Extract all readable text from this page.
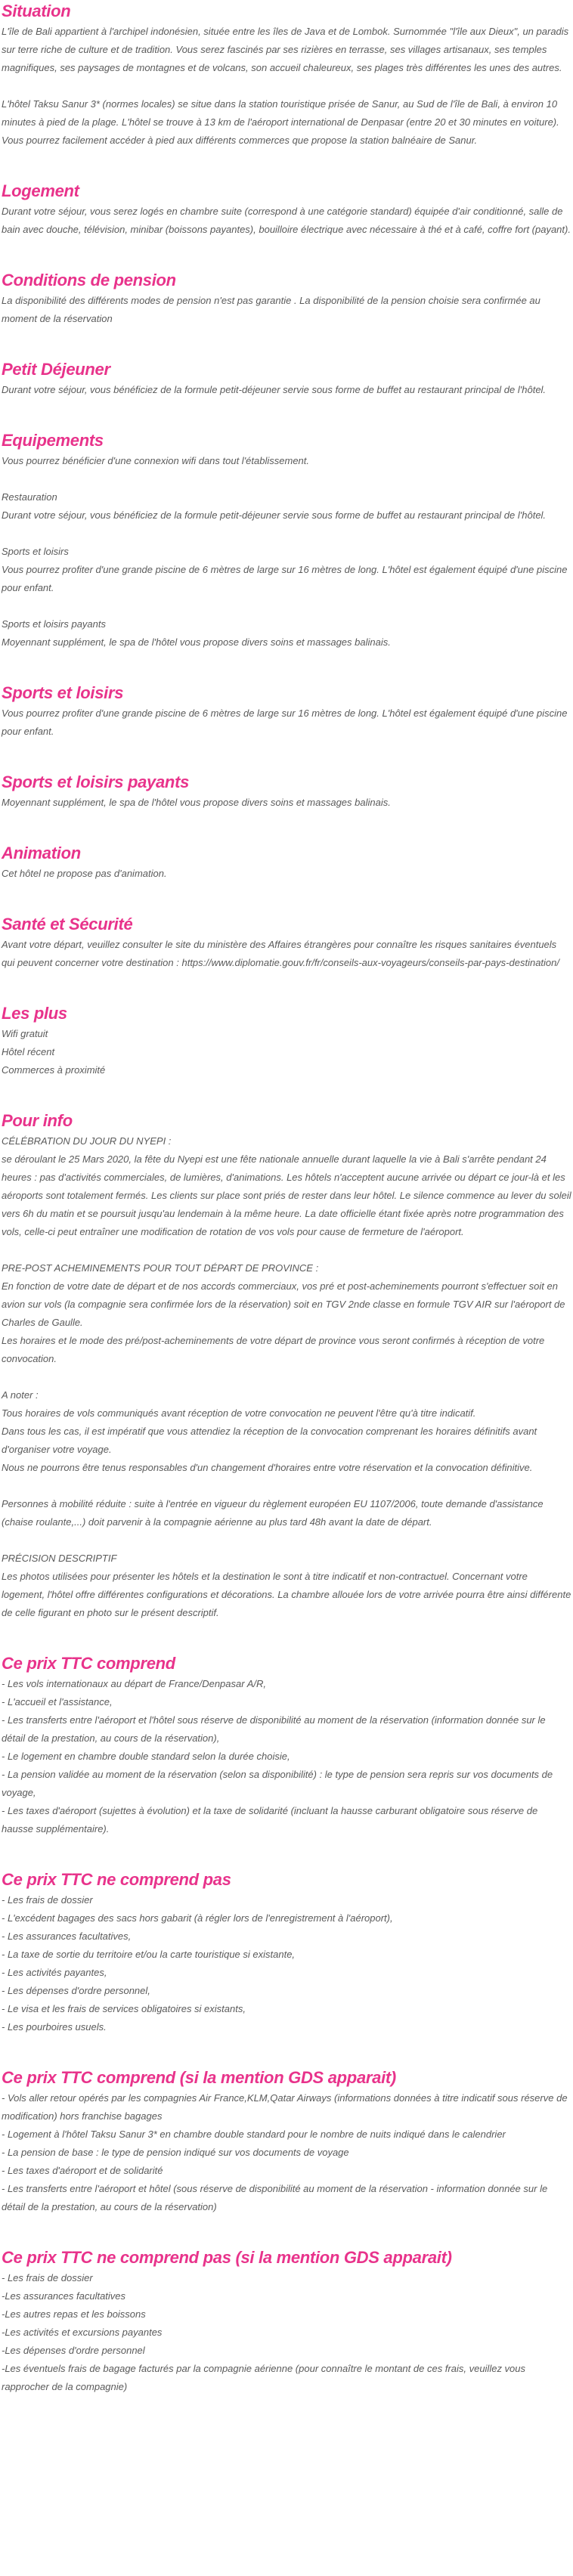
Situation

L'île de Bali appartient à l'archipel indonésien, située entre les îles de Java et de Lombok. Surnommée "l'île aux Dieux", un paradis sur terre riche de culture et de tradition. Vous serez fascinés par ses rizières en terrasse, ses villages artisanaux, ses temples magnifiques, ses paysages de montagnes et de volcans, son accueil chaleureux, ses plages très différentes les unes des autres.

L'hôtel Taksu Sanur 3* (normes locales) se situe dans la station touristique prisée de Sanur, au Sud de l'île de Bali, à environ 10 minutes à pied de la plage. L'hôtel se trouve à 13 km de l'aéroport international de Denpasar (entre 20 et 30 minutes en voiture). Vous pourrez facilement accéder à pied aux différents commerces que propose la station balnéaire de Sanur.

Logement

Durant votre séjour, vous serez logés en chambre suite (correspond à une catégorie standard) équipée d'air conditionné, salle de bain avec douche, télévision, minibar (boissons payantes), bouilloire électrique avec nécessaire à thé et à café, coffre fort (payant).

Conditions de pension

La disponibilité des différents modes de pension n'est pas garantie . La disponibilité de la pension choisie sera confirmée au moment de la réservation

Petit Déjeuner

Durant votre séjour, vous bénéficiez de la formule petit-déjeuner servie sous forme de buffet au restaurant principal de l'hôtel.

Equipements

Vous pourrez bénéficier d'une connexion wifi dans tout l'établissement.

Restauration
Durant votre séjour, vous bénéficiez de la formule petit-déjeuner servie sous forme de buffet au restaurant principal de l'hôtel.

Sports et loisirs
Vous pourrez profiter d'une grande piscine de 6 mètres de large sur 16 mètres de long. L'hôtel est également équipé d'une piscine pour enfant.

Sports et loisirs payants
Moyennant supplément, le spa de l'hôtel vous propose divers soins et massages balinais.

Sports et loisirs

Vous pourrez profiter d'une grande piscine de 6 mètres de large sur 16 mètres de long. L'hôtel est également équipé d'une piscine pour enfant.

Sports et loisirs payants

Moyennant supplément, le spa de l'hôtel vous propose divers soins et massages balinais.

Animation

Cet hôtel ne propose pas d'animation.

Santé et Sécurité

Avant votre départ, veuillez consulter le site du ministère des Affaires étrangères pour connaître les risques sanitaires éventuels qui peuvent concerner votre destination : https://www.diplomatie.gouv.fr/fr/conseils-aux-voyageurs/conseils-par-pays-destination/

Les plus

Wifi gratuit
Hôtel récent
Commerces à proximité

Pour info

CÉLÉBRATION DU JOUR DU NYEPI :
se déroulant le 25 Mars 2020, la fête du Nyepi est une fête nationale annuelle durant laquelle la vie à Bali s'arrête pendant 24 heures : pas d'activités commerciales, de lumières, d'animations. Les hôtels n'acceptent aucune arrivée ou départ ce jour-là et les aéroports sont totalement fermés. Les clients sur place sont priés de rester dans leur hôtel. Le silence commence au lever du soleil vers 6h du matin et se poursuit jusqu'au lendemain à la même heure. La date officielle étant fixée après notre programmation des vols, celle-ci peut entraîner une modification de rotation de vos vols pour cause de fermeture de l'aéroport.

PRE-POST ACHEMINEMENTS POUR TOUT DÉPART DE PROVINCE :
En fonction de votre date de départ et de nos accords commerciaux, vos pré et post-acheminements pourront s'effectuer soit en avion sur vols (la compagnie sera confirmée lors de la réservation) soit en TGV 2nde classe en formule TGV AIR sur l'aéroport de Charles de Gaulle.
Les horaires et le mode des pré/post-acheminements de votre départ de province vous seront confirmés à réception de votre convocation.

A noter :
Tous horaires de vols communiqués avant réception de votre convocation ne peuvent l'être qu'à titre indicatif.
Dans tous les cas, il est impératif que vous attendiez la réception de la convocation comprenant les horaires définitifs avant d'organiser votre voyage.
Nous ne pourrons être tenus responsables d'un changement d'horaires entre votre réservation et la convocation définitive.

Personnes à mobilité réduite : suite à l'entrée en vigueur du règlement européen EU 1107/2006, toute demande d'assistance (chaise roulante,...) doit parvenir à la compagnie aérienne au plus tard 48h avant la date de départ.

PRÉCISION DESCRIPTIF
Les photos utilisées pour présenter les hôtels et la destination le sont à titre indicatif et non-contractuel. Concernant votre logement, l'hôtel offre différentes configurations et décorations. La chambre allouée lors de votre arrivée pourra être ainsi différente de celle figurant en photo sur le présent descriptif.

Ce prix TTC comprend

- Les vols internationaux au départ de France/Denpasar A/R,
- L'accueil et l'assistance,
- Les transferts entre l'aéroport et l'hôtel sous réserve de disponibilité au moment de la réservation (information donnée sur le détail de la prestation, au cours de la réservation),
- Le logement en chambre double standard selon la durée choisie,
- La pension validée au moment de la réservation (selon sa disponibilité) : le type de pension sera repris sur vos documents de voyage,
- Les taxes d'aéroport (sujettes à évolution) et la taxe de solidarité (incluant la hausse carburant obligatoire sous réserve de hausse supplémentaire).

Ce prix TTC ne comprend pas

- Les frais de dossier
- L'excédent bagages des sacs hors gabarit (à régler lors de l'enregistrement à l'aéroport),
- Les assurances facultatives,
- La taxe de sortie du territoire et/ou la carte touristique si existante,
- Les activités payantes,
- Les dépenses d'ordre personnel,
- Le visa et les frais de services obligatoires si existants,
- Les pourboires usuels.

Ce prix TTC comprend (si la mention GDS apparait)

- Vols aller retour opérés par les compagnies Air France,KLM,Qatar Airways (informations données à titre indicatif sous réserve de modification) hors franchise bagages
- Logement à l'hôtel Taksu Sanur 3* en chambre double standard pour le nombre de nuits indiqué dans le calendrier
- La pension de base : le type de pension indiqué sur vos documents de voyage
- Les taxes d'aéroport et de solidarité
- Les transferts entre l'aéroport et hôtel (sous réserve de disponibilité au moment de la réservation - information donnée sur le détail de la prestation, au cours de la réservation)

Ce prix TTC ne comprend pas (si la mention GDS apparait)

- Les frais de dossier
-Les assurances facultatives
-Les autres repas et les boissons
-Les activités et excursions payantes
-Les dépenses d'ordre personnel
-Les éventuels frais de bagage facturés par la compagnie aérienne (pour connaître le montant de ces frais, veuillez vous rapprocher de la compagnie)
